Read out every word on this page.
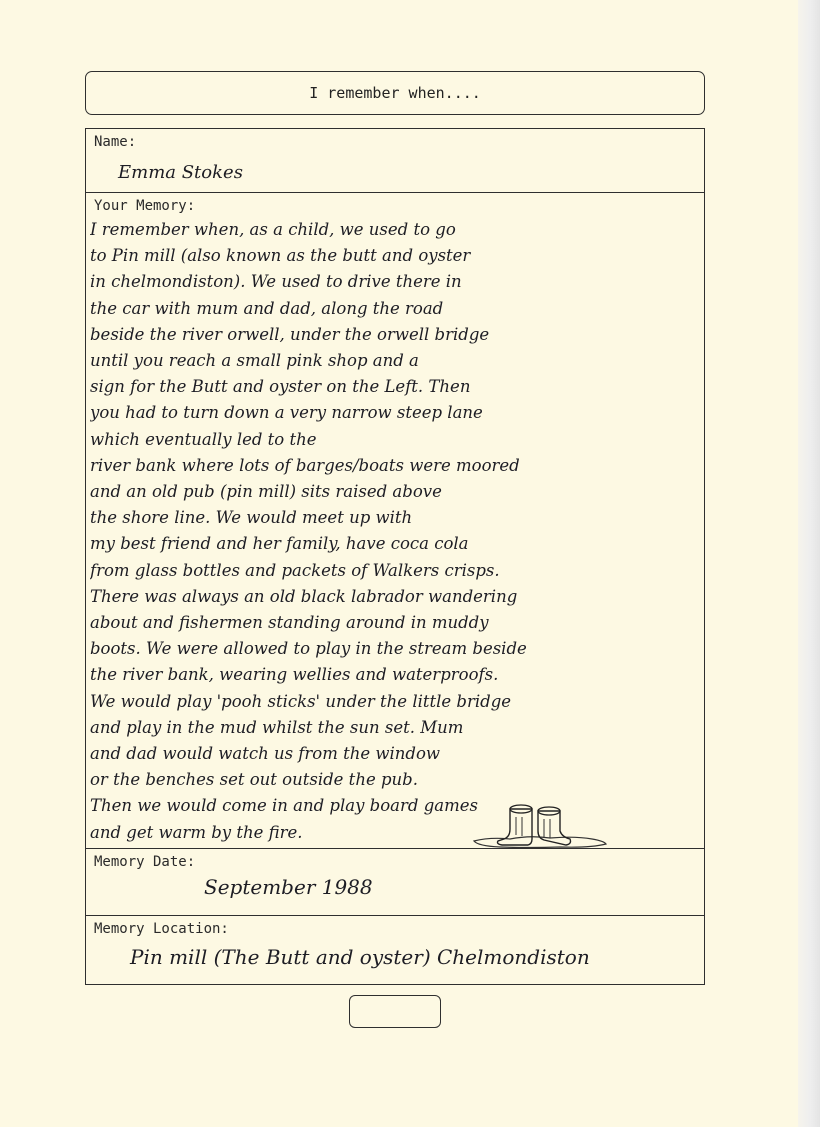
I remember when....
Name:
Emma Stokes
Your Memory:
I remember when, as a child, we used to go
to Pin mill (also known as the butt and oyster
in chelmondiston). We used to drive there in
the car with mum and dad, along the road
beside the river orwell, under the orwell bridge
until you reach a small pink shop and a
sign for the Butt and oyster on the Left. Then
you had to turn down a very narrow steep lane
which eventually led to the
river bank where lots of barges/boats were moored
and an old pub (pin mill) sits raised above
the shore line. We would meet up with
my best friend and her family, have coca cola
from glass bottles and packets of Walkers crisps.
There was always an old black labrador wandering
about and fishermen standing around in muddy
boots. We were allowed to play in the stream beside
the river bank, wearing wellies and waterproofs.
We would play 'pooh sticks' under the little bridge
and play in the mud whilst the sun set. Mum
and dad would watch us from the window
or the benches set out outside the pub.
Then we would come in and play board games
and get warm by the fire.
Memory Date:
September 1988
Memory Location:
Pin mill (The Butt and oyster) Chelmondiston
